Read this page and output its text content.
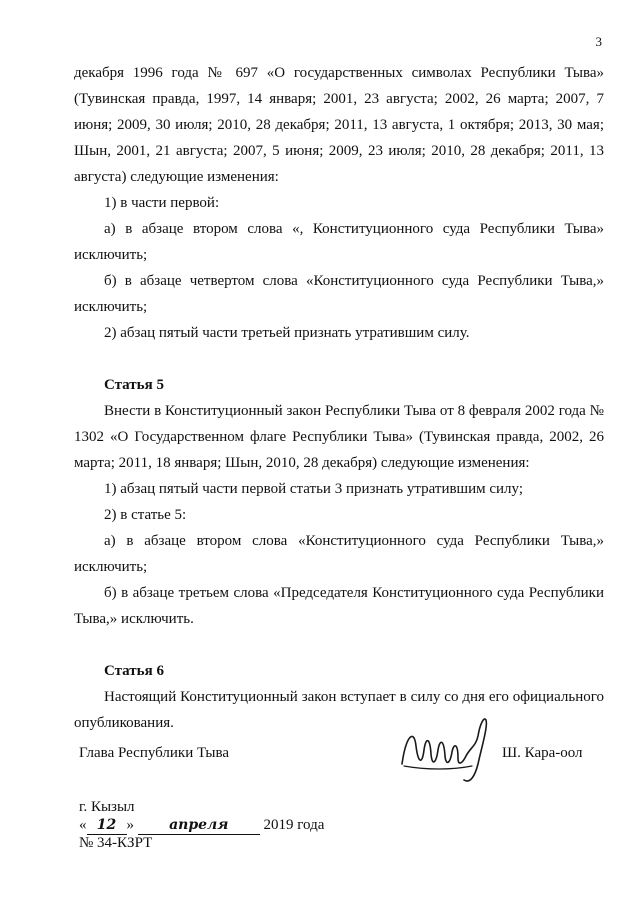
3

декабря 1996 года № 697 «О государственных символах Республики Тыва» (Тувинская правда, 1997, 14 января; 2001, 23 августа; 2002, 26 марта; 2007, 7 июня; 2009, 30 июля; 2010, 28 декабря; 2011, 13 августа, 1 октября; 2013, 30 мая; Шын, 2001, 21 августа; 2007, 5 июня; 2009, 23 июля; 2010, 28 декабря; 2011, 13 августа) следующие изменения:

1) в части первой:

а) в абзаце втором слова «, Конституционного суда Республики Тыва» исключить;

б) в абзаце четвертом слова «Конституционного суда Республики Тыва,» исключить;

2) абзац пятый части третьей признать утратившим силу.

Статья 5

Внести в Конституционный закон Республики Тыва от 8 февраля 2002 года № 1302 «О Государственном флаге Республики Тыва» (Тувинская правда, 2002, 26 марта; 2011, 18 января; Шын, 2010, 28 декабря) следующие изменения:

1) абзац пятый части первой статьи 3 признать утратившим силу;

2) в статье 5:

а) в абзаце втором слова «Конституционного суда Республики Тыва,» исключить;

б) в абзаце третьем слова «Председателя Конституционного суда Республики Тыва,» исключить.

Статья 6

Настоящий Конституционный закон вступает в силу со дня его официального опубликования.

Глава Республики Тыва	Ш. Кара-оол
г. Кызыл
« 12 »	апреля 2019 года
№ 34-КЗРТ
